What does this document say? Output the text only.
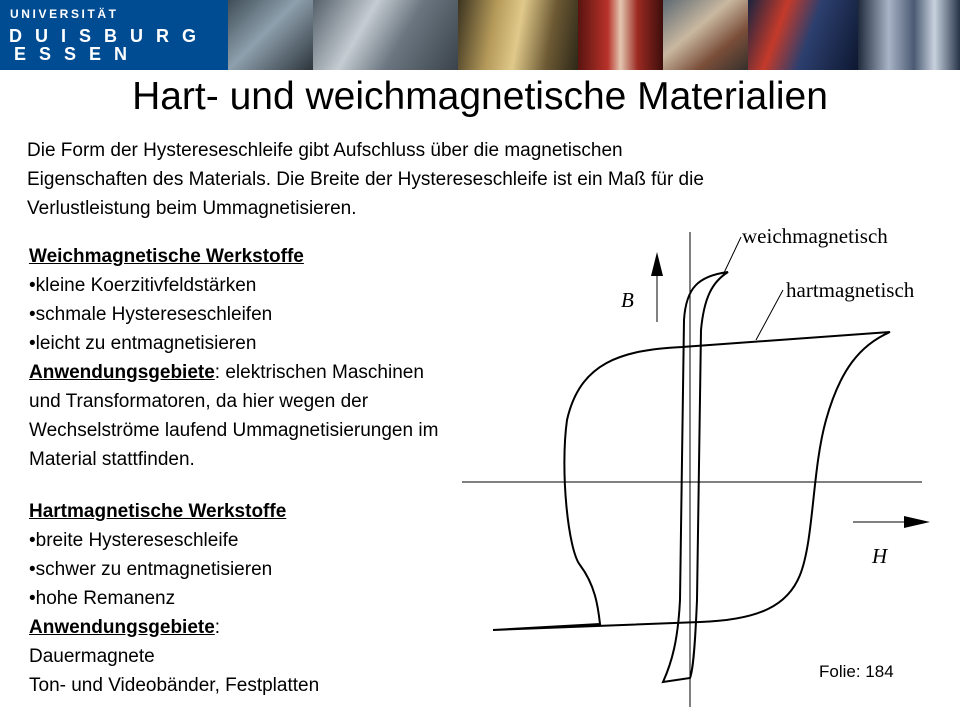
UNIVERSITÄT
DUISBURG
ESSEN
Hart- und weichmagnetische Materialien
Die Form der Hystereseschleife gibt Aufschluss über die magnetischen
Eigenschaften des Materials. Die Breite der Hystereseschleife ist ein Maß für die
Verlustleistung beim Ummagnetisieren.
Weichmagnetische Werkstoffe
•kleine Koerzitivfeldstärken
•schmale Hystereseschleifen
•leicht zu entmagnetisieren
Anwendungsgebiete: elektrischen Maschinen
und Transformatoren, da hier wegen der
Wechselströme laufend Ummagnetisierungen im
Material stattfinden.
Hartmagnetische Werkstoffe
•breite Hystereseschleife
•schwer zu entmagnetisieren
•hohe Remanenz
Anwendungsgebiete:
Dauermagnete
Ton- und Videobänder, Festplatten
weichmagnetisch
hartmagnetisch
B
H
Folie: 184
